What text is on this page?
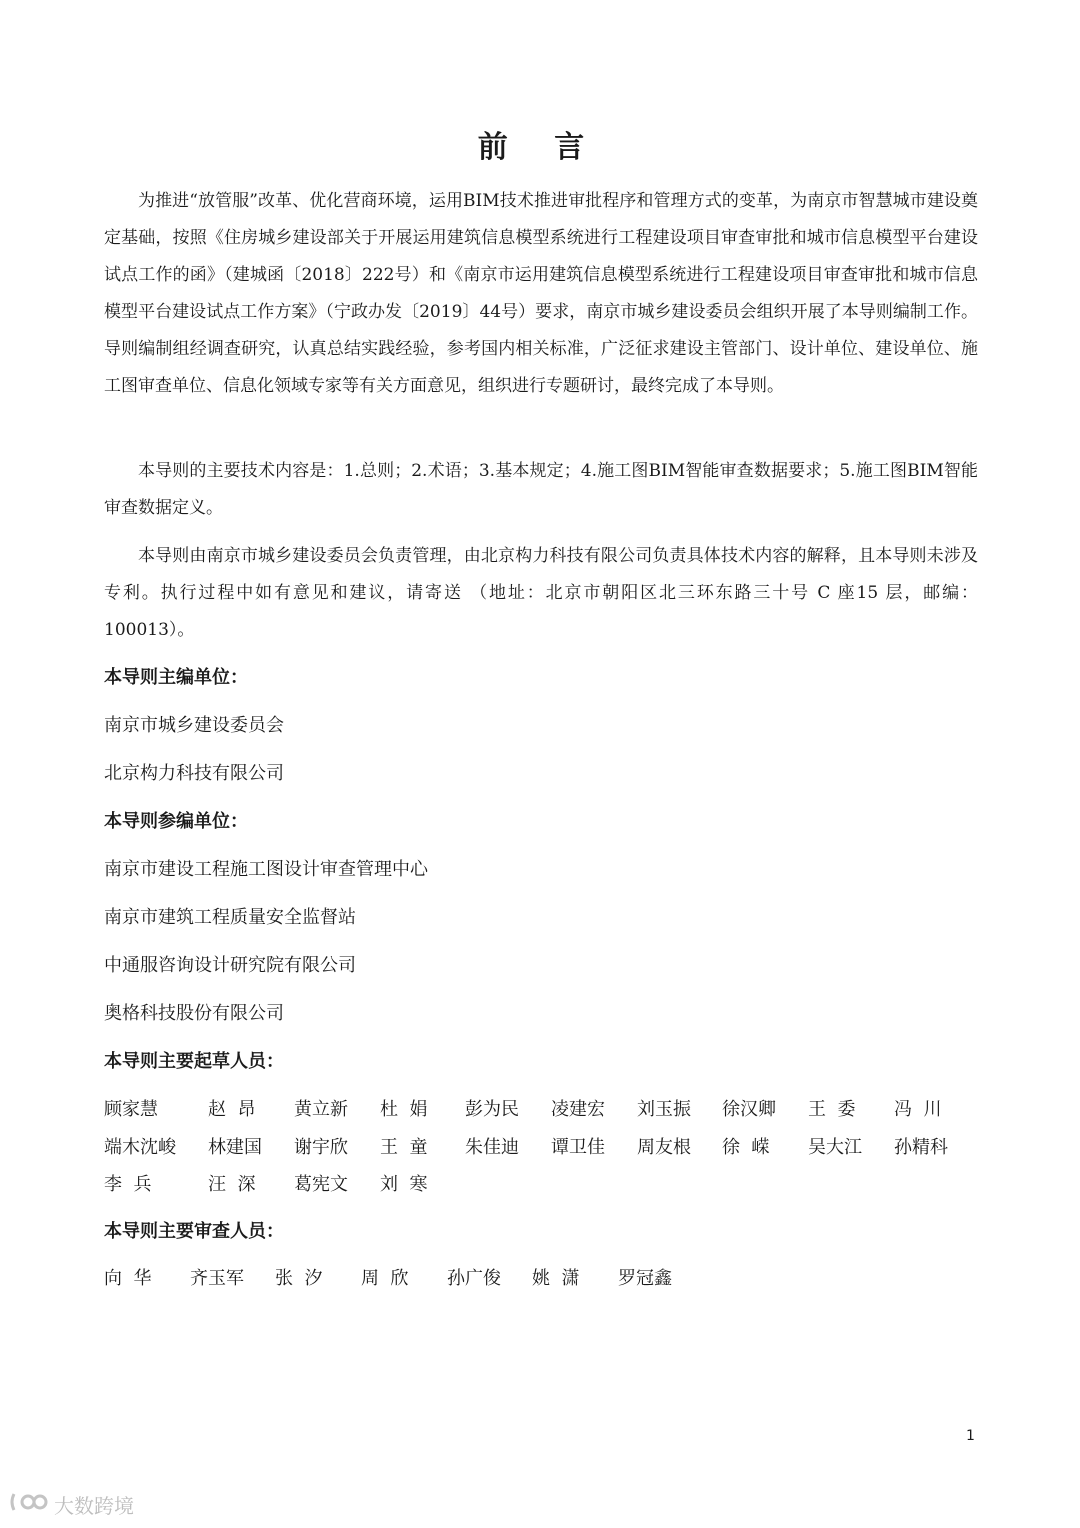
前 言
为推进“放管服”改革、优化营商环境，运用BIM技术推进审批程序和管理方式的变革，为南京市智慧城市建设奠定基础，按照《住房城乡建设部关于开展运用建筑信息模型系统进行工程建设项目审查审批和城市信息模型平台建设试点工作的函》（建城函〔2018〕222号）和《南京市运用建筑信息模型系统进行工程建设项目审查审批和城市信息模型平台建设试点工作方案》（宁政办发〔2019〕44号）要求，南京市城乡建设委员会组织开展了本导则编制工作。导则编制组经调查研究，认真总结实践经验，参考国内相关标准，广泛征求建设主管部门、设计单位、建设单位、施工图审查单位、信息化领域专家等有关方面意见，组织进行专题研讨，最终完成了本导则。
本导则的主要技术内容是：1.总则；2.术语；3.基本规定；4.施工图BIM智能审查数据要求；5.施工图BIM智能审查数据定义。
本导则由南京市城乡建设委员会负责管理，由北京构力科技有限公司负责具体技术内容的解释，且本导则未涉及专利。执行过程中如有意见和建议，请寄送 （地址：北京市朝阳区北三环东路三十号 C 座15 层，邮编：100013）。
本导则主编单位：
南京市城乡建设委员会
北京构力科技有限公司
本导则参编单位：
南京市建设工程施工图设计审查管理中心
南京市建筑工程质量安全监督站
中通服咨询设计研究院有限公司
奥格科技股份有限公司
本导则主要起草人员：
顾家慧	赵  昂 黄立新 杜  娟 彭为民 凌建宏 刘玉振 徐汉卿 王  委 冯  川
端木沈峻 林建国 谢宇欣 王  童 朱佳迪 谭卫佳 周友根 徐  嵘 吴大江 孙精科
李  兵	汪  深 葛宪文 刘  寒
本导则主要审查人员：
向  华 齐玉军 张  汐 周  欣 孙广俊 姚  潇 罗冠鑫
1
大数跨境
